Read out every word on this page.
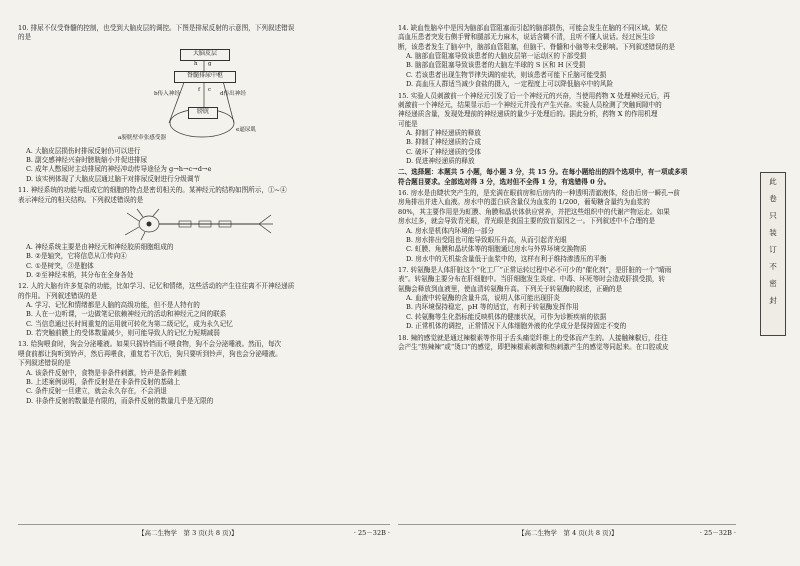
10. 排尿不仅受脊髓的控制，也受到大脑皮层的调控。下图是排尿反射的示意图，下列叙述错误
的是
大脑皮层
脊髓排尿中枢
膀胱
g
h
c
f
b传入神经	d传出神经
a膀胱壁牵张感受器
e逼尿肌
A. 大脑皮层损伤时排尿反射仍可以进行
B. 副交感神经兴奋时膀胱缩小并促进排尿
C. 成年人憋尿时主动排尿的神经冲动传导途径为 g→h→c→d→e
D. 该实例体现了大脑皮层通过脑干对排尿反射进行分级调节
11. 神经系统的功能与组成它的细胞的特点是密切相关的。某神经元的结构如图所示，①~④
表示神经元的相关结构。下列叙述错误的是
A. 神经系统主要是由神经元和神经胶质细胞组成的
B. ②是轴突，它将信息从①传向④
C. ①是树突，③是胞体
D. ②至神经末梢，其分布在全身各处
12. 人的大脑有许多复杂的功能，比如学习、记忆和情绪，这些活动的产生往往离不开神经递质
的作用。下列叙述错误的是
A. 学习、记忆和情绪都是人脑的高级功能，但不是人特有的
B. 人在一边听课，一边做笔记依赖神经元的活动和神经元之间的联系
C. 当信息通过长时间重复的运用就可转化为第二级记忆，成为永久记忆
D. 若突触前膜上的受体数量减少，则可能导致人的记忆力短期减弱
13. 给狗喂食时，狗会分泌唾液。如果只摇铃铛而不喂食物，狗不会分泌唾液。然而，每次
喂食前都让狗听到铃声，然后再喂食，重复若干次后，狗只要听到铃声，狗也会分泌唾液。
下列叙述错误的是
A. 该条件反射中，食物是非条件刺激，铃声是条件刺激
B. 上述案例说明，条件反射是在非条件反射的基础上
C. 条件反射一旦建立，就会永久存在，不会消退
D. 非条件反射的数量是有限的，而条件反射的数量几乎是无限的
【高二生物学　第 3 页(共 8 页)】	· 25－32B ·
14. 缺血性脑卒中是因为脑部血管阻塞而引起的脑部损伤，可能会发生在脑的不同区域。某位
高血压患者突发右侧手臂和腿部无力麻木，说话含糊不清，且听不懂人说话。经过医生诊
断，该患者发生了脑卒中，脑部血管阻塞，但脑干、脊髓和小脑等未受影响。下列叙述错误的是
A. 脑部血管阻塞导致该患者的大脑皮层第一运动区的下部受损
B. 脑部血管阻塞导致该患者的大脑左半球的 S 区和 H 区受损
C. 若该患者出现生物节律失调的症状，则该患者可能下丘脑可能受损
D. 高血压人群适当减少食盐的摄入，一定程度上可以降低脑卒中的风险
15. 实验人员刺激前一个神经元引发了后一个神经元的兴奋，当使用药物 X 处理神经元后，再
刺激前一个神经元，结果显示后一个神经元并没有产生兴奋。实验人员检测了突触间隙中的
神经递质含量，发现处理前的神经递质的量少于处理后的。据此分析，药物 X 的作用机理
可能是
A. 抑制了神经递质的释放
B. 抑制了神经递质的合成
C. 破坏了神经递质的受体
D. 促进神经递质的释放
二、选择题：本题共 5 小题，每小题 3 分，共 15 分。在每小题给出的四个选项中，有一项或多项
符合题目要求。全部选对得 3 分，选对但不全得 1 分，有选错得 0 分。
16. 房水是由睫状突产生的，是充满在眼前房和后房内的一种透明清澈液体，经由后房一瞬孔→前
房角排出并进入血液。房水中的蛋白质含量仅为血浆的 1/200，葡萄糖含量约为血浆的
80%，其主要作用是为虹膜、角膜和晶状体供应营养，并把这些组织中的代谢产物运走。如果
房水过多，就会导致青光眼，青光眼是我国主要的致盲原因之一。下列叙述中不合理的是
A. 房水是机体内环境的一部分
B. 房水排出受阻也可能导致眼压升高，从而引起青光眼
C. 虹膜、角膜和晶状体等的细胞通过房水与外界环境交换物质
D. 房水中的无机盐含量低于血浆中的，这样有利于维持渗透压的平衡
17. 转氨酶是人体肝脏这个“化工厂”正常运转过程中必不可少的“催化剂”，是肝脏的一个“晴雨
表”。转氨酶主要分布在肝细胞中。当肝细胞发生炎症、中毒、坏死等时会造成肝损受损，转
氨酶会释放到血液里，使血清转氨酶升高。下列关于转氨酶的叙述，正确的是
A. 血液中转氨酶的含量升高，说明人体可能出现肝炎
B. 内环境保持稳定，pH 等的适宜，有利于转氨酶发挥作用
C. 转氨酶等生化指标能反映机体的健康状况，可作为诊断疾病的依据
D. 正常机体的调控，正常情况下人体细胞外液的化学成分是保持固定不变的
18. 辣的感觉就是通过辣椒素等作用于舌头痛觉纤维上的受体而产生的。人接触辣椒后，往往
会产生“热辣辣”或“烫口”的感觉，即把辣椒素刺激和热刺激产生的感觉等同起来。在口腔或皮
【高二生物学　第 4 页(共 8 页)】	· 25－32B ·
此
卷
只
装
订
不
密
封
